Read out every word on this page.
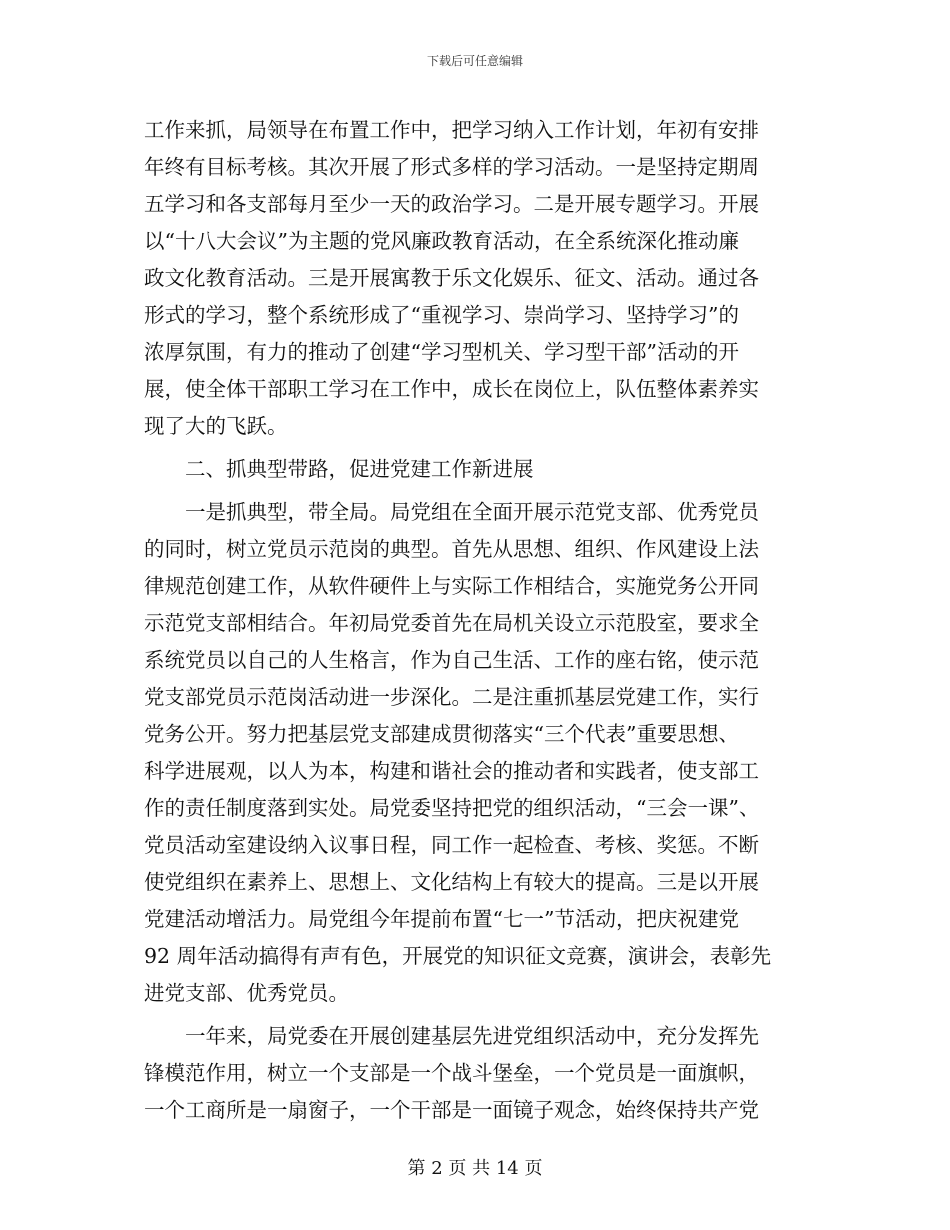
下载后可任意编辑

工作来抓，局领导在布置工作中，把学习纳入工作计划，年初有安排
年终有目标考核。其次开展了形式多样的学习活动。一是坚持定期周
五学习和各支部每月至少一天的政治学习。二是开展专题学习。开展
以“十八大会议”为主题的党风廉政教育活动，在全系统深化推动廉
政文化教育活动。三是开展寓教于乐文化娱乐、征文、活动。通过各
形式的学习，整个系统形成了“重视学习、崇尚学习、坚持学习”的
浓厚氛围，有力的推动了创建“学习型机关、学习型干部”活动的开
展，使全体干部职工学习在工作中，成长在岗位上，队伍整体素养实
现了大的飞跃。

　　二、抓典型带路，促进党建工作新进展

　　一是抓典型，带全局。局党组在全面开展示范党支部、优秀党员
的同时，树立党员示范岗的典型。首先从思想、组织、作风建设上法
律规范创建工作，从软件硬件上与实际工作相结合，实施党务公开同
示范党支部相结合。年初局党委首先在局机关设立示范股室，要求全
系统党员以自己的人生格言，作为自己生活、工作的座右铭，使示范
党支部党员示范岗活动进一步深化。二是注重抓基层党建工作，实行
党务公开。努力把基层党支部建成贯彻落实“三个代表”重要思想、
科学进展观，以人为本，构建和谐社会的推动者和实践者，使支部工
作的责任制度落到实处。局党委坚持把党的组织活动，“三会一课”、
党员活动室建设纳入议事日程，同工作一起检查、考核、奖惩。不断
使党组织在素养上、思想上、文化结构上有较大的提高。三是以开展
党建活动增活力。局党组今年提前布置“七一”节活动，把庆祝建党
92 周年活动搞得有声有色，开展党的知识征文竞赛，演讲会，表彰先
进党支部、优秀党员。

　　一年来，局党委在开展创建基层先进党组织活动中，充分发挥先
锋模范作用，树立一个支部是一个战斗堡垒，一个党员是一面旗帜，
一个工商所是一扇窗子，一个干部是一面镜子观念，始终保持共产党

第 2 页 共 14 页
